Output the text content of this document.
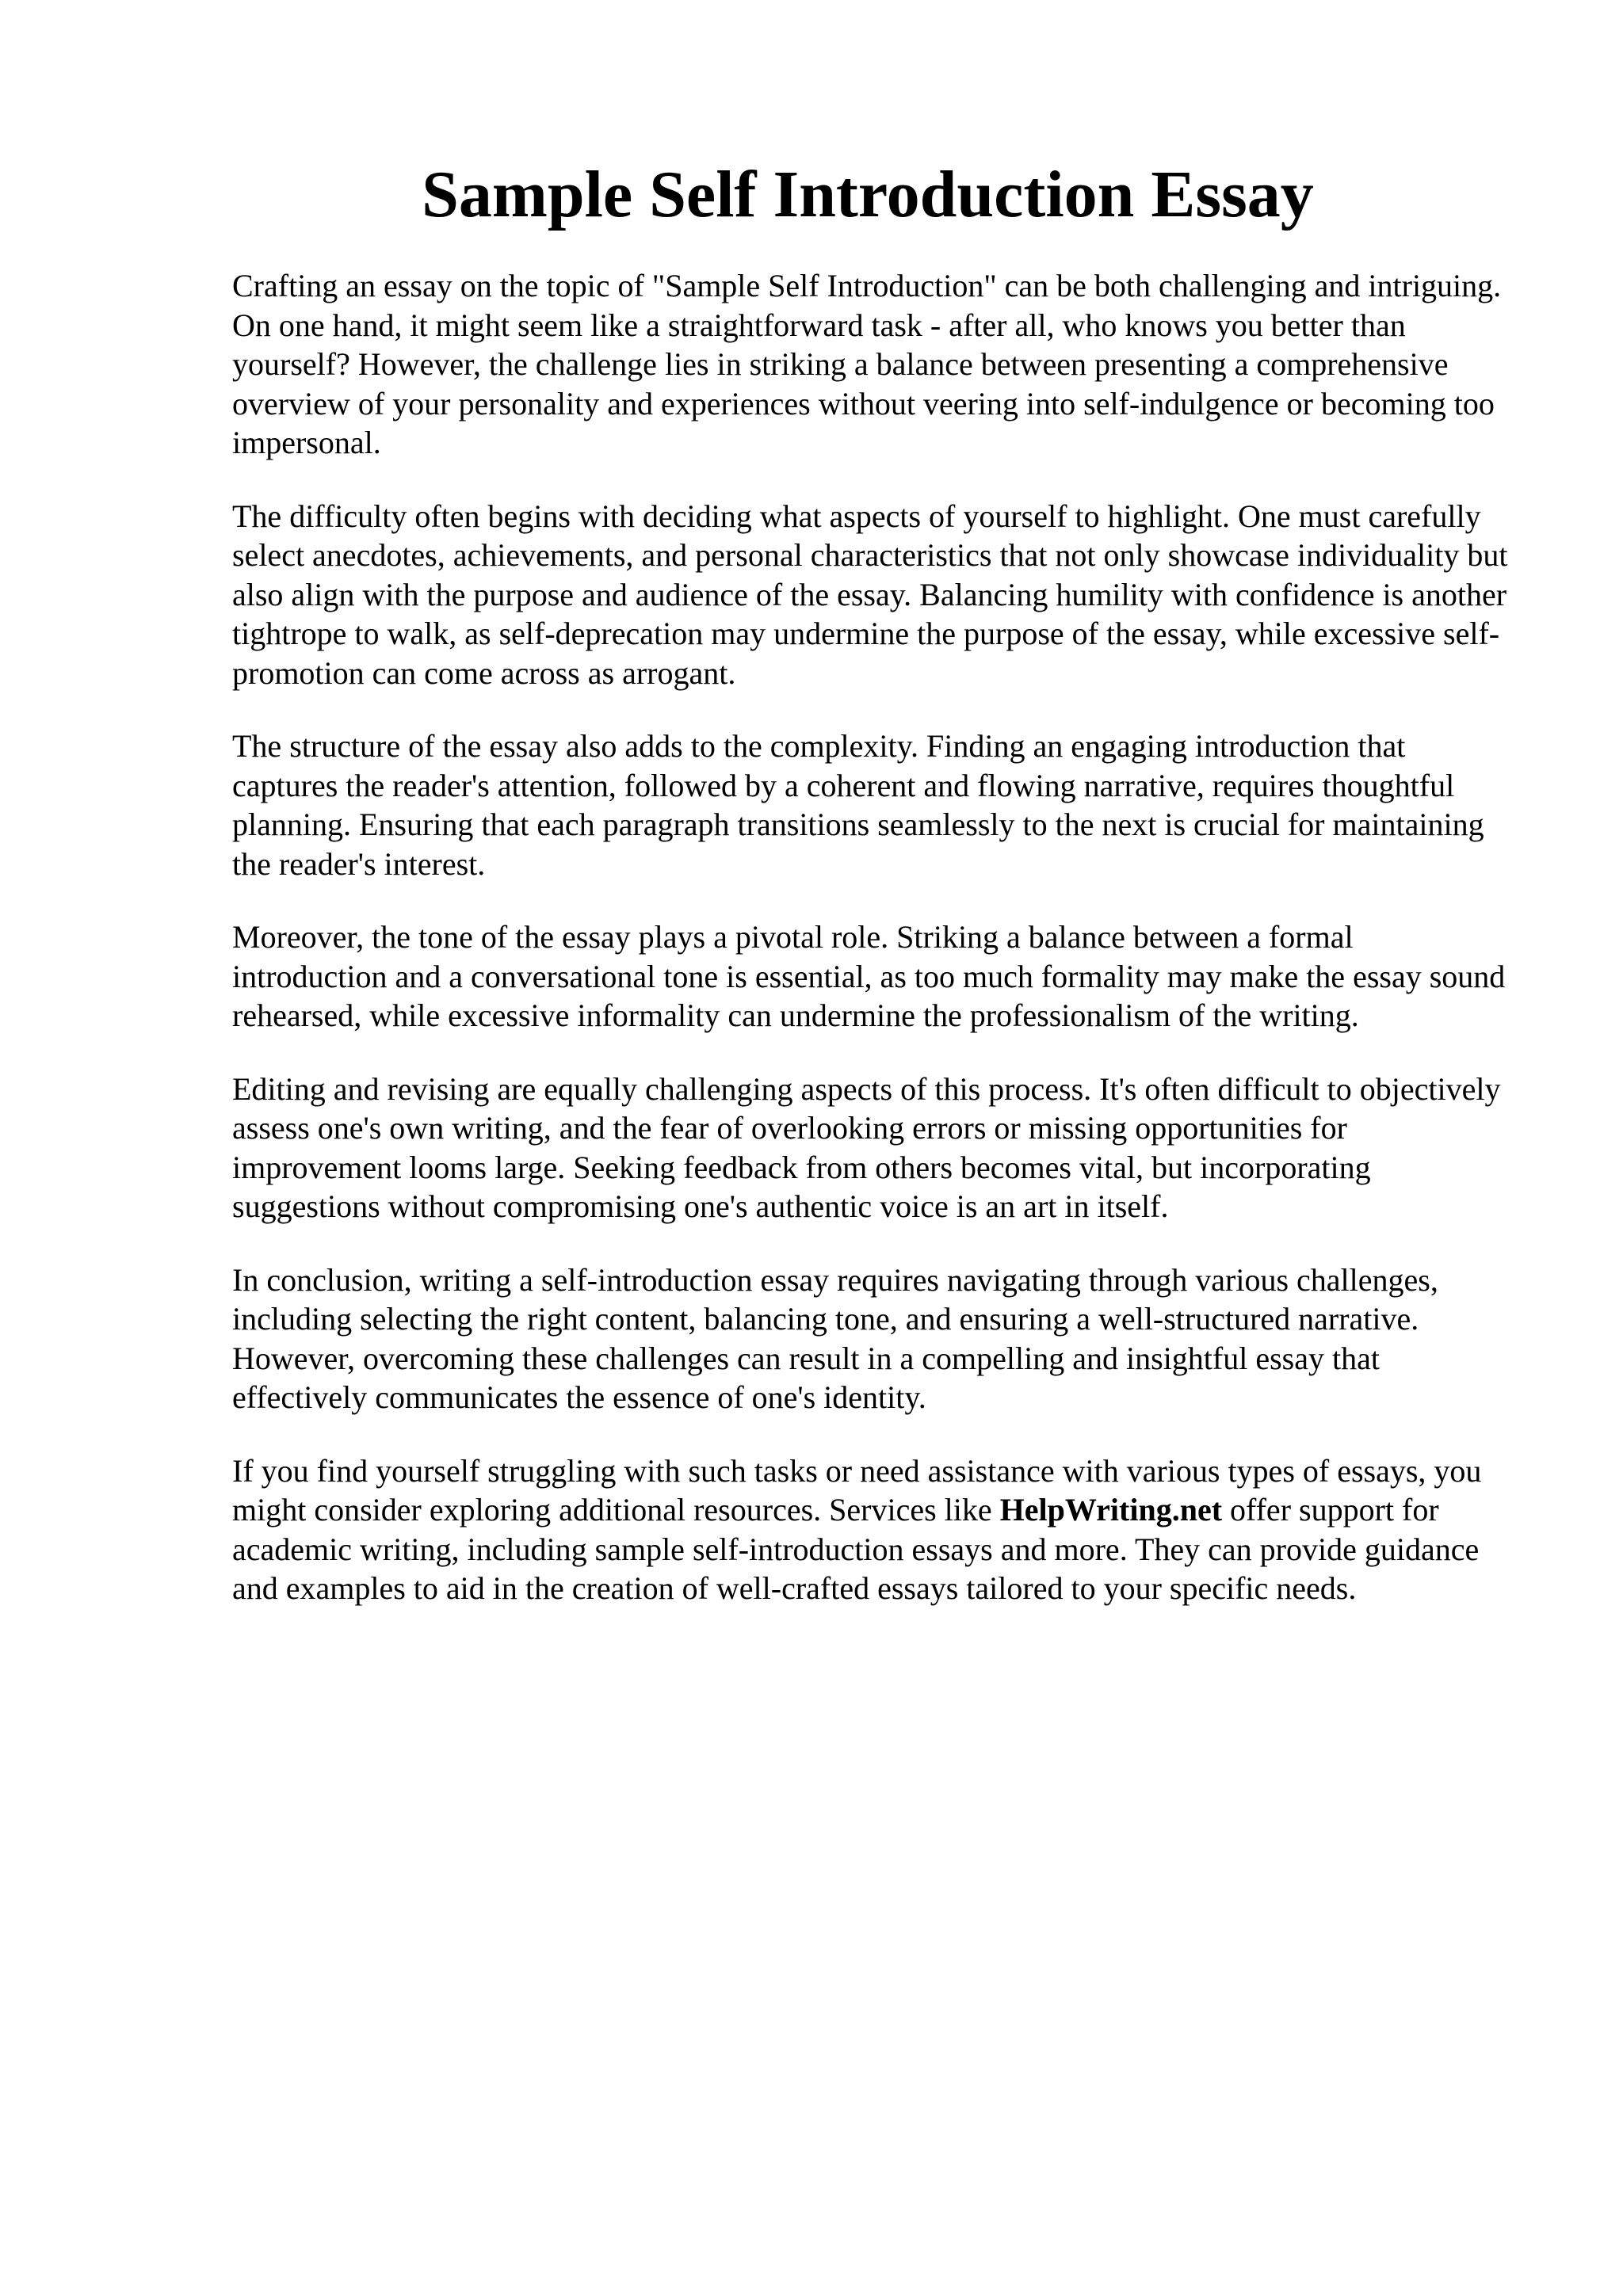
Sample Self Introduction Essay

Crafting an essay on the topic of "Sample Self Introduction" can be both challenging and intriguing. On one hand, it might seem like a straightforward task - after all, who knows you better than yourself? However, the challenge lies in striking a balance between presenting a comprehensive overview of your personality and experiences without veering into self-indulgence or becoming too impersonal.

The difficulty often begins with deciding what aspects of yourself to highlight. One must carefully select anecdotes, achievements, and personal characteristics that not only showcase individuality but also align with the purpose and audience of the essay. Balancing humility with confidence is another tightrope to walk, as self-deprecation may undermine the purpose of the essay, while excessive self-promotion can come across as arrogant.

The structure of the essay also adds to the complexity. Finding an engaging introduction that captures the reader's attention, followed by a coherent and flowing narrative, requires thoughtful planning. Ensuring that each paragraph transitions seamlessly to the next is crucial for maintaining the reader's interest.

Moreover, the tone of the essay plays a pivotal role. Striking a balance between a formal introduction and a conversational tone is essential, as too much formality may make the essay sound rehearsed, while excessive informality can undermine the professionalism of the writing.

Editing and revising are equally challenging aspects of this process. It's often difficult to objectively assess one's own writing, and the fear of overlooking errors or missing opportunities for improvement looms large. Seeking feedback from others becomes vital, but incorporating suggestions without compromising one's authentic voice is an art in itself.

In conclusion, writing a self-introduction essay requires navigating through various challenges, including selecting the right content, balancing tone, and ensuring a well-structured narrative. However, overcoming these challenges can result in a compelling and insightful essay that effectively communicates the essence of one's identity.

If you find yourself struggling with such tasks or need assistance with various types of essays, you might consider exploring additional resources. Services like HelpWriting.net offer support for academic writing, including sample self-introduction essays and more. They can provide guidance and examples to aid in the creation of well-crafted essays tailored to your specific needs.
